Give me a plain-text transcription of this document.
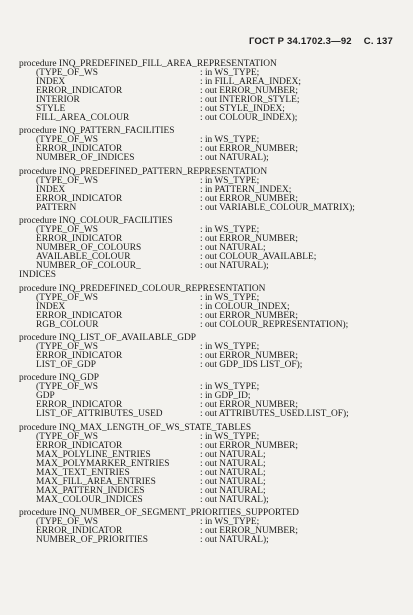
ГОСТ Р 34.1702.3—92 С. 137
procedure INQ_PREDEFINED_FILL_AREA_REPRESENTATION
(TYPE_OF_WS	: in WS_TYPE;
INDEX	: in FILL_AREA_INDEX;
ERROR_INDICATOR	: out ERROR_NUMBER;
INTERIOR	: out INTERIOR_STYLE;
STYLE	: out STYLE_INDEX;
FILL_AREA_COLOUR	: out COLOUR_INDEX);
procedure INQ_PATTERN_FACILITIES
(TYPE_OF_WS	: in WS_TYPE;
ERROR_INDICATOR	: out ERROR_NUMBER;
NUMBER_OF_INDICES	: out NATURAL);
procedure INQ_PREDEFINED_PATTERN_REPRESENTATION
(TYPE_OF_WS	: in WS_TYPE;
INDEX	: in PATTERN_INDEX;
ERROR_INDICATOR	: out ERROR_NUMBER;
PATTERN	: out VARIABLE_COLOUR_MATRIX);
procedure INQ_COLOUR_FACILITIES
(TYPE_OF_WS	: in WS_TYPE;
ERROR_INDICATOR	: out ERROR_NUMBER;
NUMBER_OF_COLOURS	: out NATURAL;
AVAILABLE_COLOUR	: out COLOUR_AVAILABLE;
NUMBER_OF_COLOUR_	: out NATURAL);
INDICES
procedure INQ_PREDEFINED_COLOUR_REPRESENTATION
(TYPE_OF_WS	: in WS_TYPE;
INDEX	: in COLOUR_INDEX;
ERROR_INDICATOR	: out ERROR_NUMBER;
RGB_COLOUR	: out COLOUR_REPRESENTATION);
procedure INQ_LIST_OF_AVAILABLE_GDP
(TYPE_OF_WS	: in WS_TYPE;
ERROR_INDICATOR	: out ERROR_NUMBER;
LIST_OF_GDP	: out GDP_IDS LIST_OF);
procedure INQ_GDP
(TYPE_OF_WS	: in WS_TYPE;
GDP	: in GDP_ID;
ERROR_INDICATOR	: out ERROR_NUMBER;
LIST_OF_ATTRIBUTES_USED	: out ATTRIBUTES_USED.LIST_OF);
procedure INQ_MAX_LENGTH_OF_WS_STATE_TABLES
(TYPE_OF_WS	: in WS_TYPE;
ERROR_INDICATOR	: out ERROR_NUMBER;
MAX_POLYLINE_ENTRIES	: out NATURAL;
MAX_POLYMARKER_ENTRIES	: out NATURAL;
MAX_TEXT_ENTRIES	: out NATURAL;
MAX_FILL_AREA_ENTRIES	: out NATURAL;
MAX_PATTERN_INDICES	: out NATURAL;
MAX_COLOUR_INDICES	: out NATURAL);
procedure INQ_NUMBER_OF_SEGMENT_PRIORITIES_SUPPORTED
(TYPE_OF_WS	: in WS_TYPE;
ERROR_INDICATOR	: out ERROR_NUMBER;
NUMBER_OF_PRIORITIES	: out NATURAL);
